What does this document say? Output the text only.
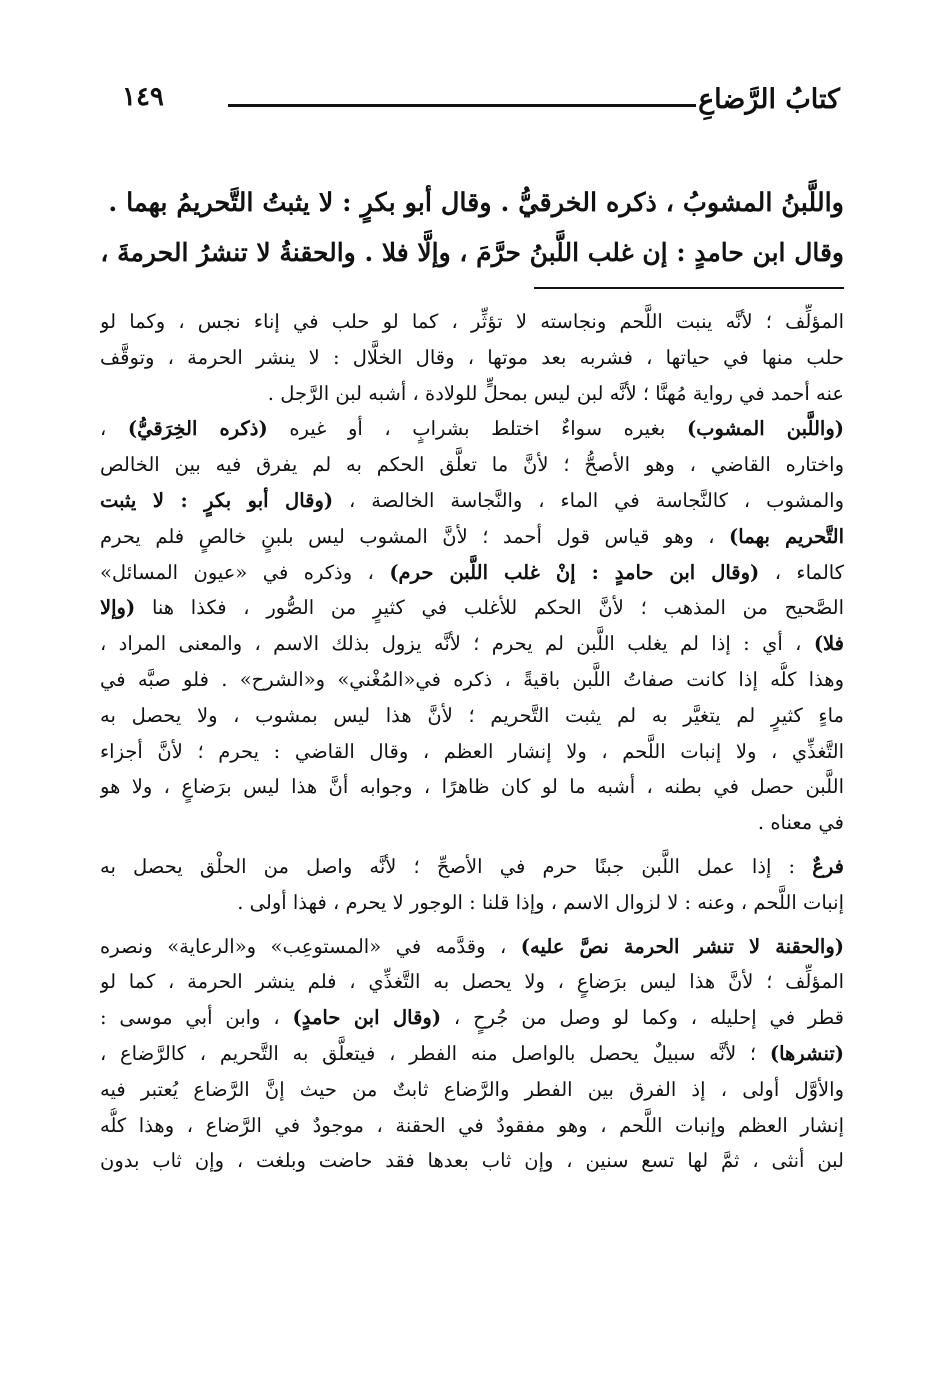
كتابُ الرَّضاعِ
١٤٩
واللَّبنُ المشوبُ ، ذكره الخرقيُّ . وقال أبو بكرٍ : لا يثبتُ التَّحريمُ بهما .
وقال ابن حامدٍ : إن غلب اللَّبنُ حرَّمَ ، وإلَّا فلا . والحقنةُ لا تنشرُ الحرمةَ ،
المؤلِّف ؛ لأنَّه ينبت اللَّحم ونجاسته لا تؤثِّر ، كما لو حلب في إناء نجس ، وكما لو
حلب منها في حياتها ، فشربه بعد موتها ، وقال الخلَّال : لا ينشر الحرمة ، وتوقَّف
عنه أحمد في رواية مُهنَّا ؛ لأنَّه لبن ليس بمحلٍّ للولادة ، أشبه لبن الرَّجل .
(واللَّبن المشوب) بغيره سواءٌ اختلط بشرابٍ ، أو غيره (ذكره الخِرَقيُّ) ،
واختاره القاضي ، وهو الأصحُّ ؛ لأنَّ ما تعلَّق الحكم به لم يفرق فيه بين الخالص
والمشوب ، كالنَّجاسة في الماء ، والنَّجاسة الخالصة ، (وقال أبو بكرٍ : لا يثبت
التَّحريم بهما) ، وهو قياس قول أحمد ؛ لأنَّ المشوب ليس بلبنٍ خالصٍ فلم يحرم
كالماء ، (وقال ابن حامدٍ : إنْ غلب اللَّبن حرم) ، وذكره في «عيون المسائل»
الصَّحيح من المذهب ؛ لأنَّ الحكم للأغلب في كثيرٍ من الصُّور ، فكذا هنا (وإلا
فلا) ، أي : إذا لم يغلب اللَّبن لم يحرم ؛ لأنَّه يزول بذلك الاسم ، والمعنى المراد ،
وهذا كلُّه إذا كانت صفاتُ اللَّبن باقيةً ، ذكره في«المُغْني» و«الشرح» . فلو صبَّه في
ماءٍ كثيرٍ لم يتغيَّر به لم يثبت التَّحريم ؛ لأنَّ هذا ليس بمشوب ، ولا يحصل به
التَّغذِّي ، ولا إنبات اللَّحم ، ولا إنشار العظم ، وقال القاضي : يحرم ؛ لأنَّ أجزاء
اللَّبن حصل في بطنه ، أشبه ما لو كان ظاهرًا ، وجوابه أنَّ هذا ليس برَضاعٍ ، ولا هو
في معناه .
فرعٌ : إذا عمل اللَّبن جبنًا حرم في الأصحِّ ؛ لأنَّه واصل من الحلْق يحصل به
إنبات اللَّحم ، وعنه : لا لزوال الاسم ، وإذا قلنا : الوجور لا يحرم ، فهذا أولى .
(والحقنة لا تنشر الحرمة نصَّ عليه) ، وقدَّمه في «المستوعِب» و«الرعاية» ونصره
المؤلِّف ؛ لأنَّ هذا ليس برَضاعٍ ، ولا يحصل به التَّغذِّي ، فلم ينشر الحرمة ، كما لو
قطر في إحليله ، وكما لو وصل من جُرحٍ ، (وقال ابن حامدٍ) ، وابن أبي موسى :
(تنشرها) ؛ لأنَّه سبيلٌ يحصل بالواصل منه الفطر ، فيتعلَّق به التَّحريم ، كالرَّضاع ،
والأوَّل أولى ، إذ الفرق بين الفطر والرَّضاع ثابتٌ من حيث إنَّ الرَّضاع يُعتبر فيه
إنشار العظم وإنبات اللَّحم ، وهو مفقودٌ في الحقنة ، موجودٌ في الرَّضاع ، وهذا كلُّه
لبن أنثى ، ثمَّ لها تسع سنين ، وإن ثاب بعدها فقد حاضت وبلغت ، وإن ثاب بدون
